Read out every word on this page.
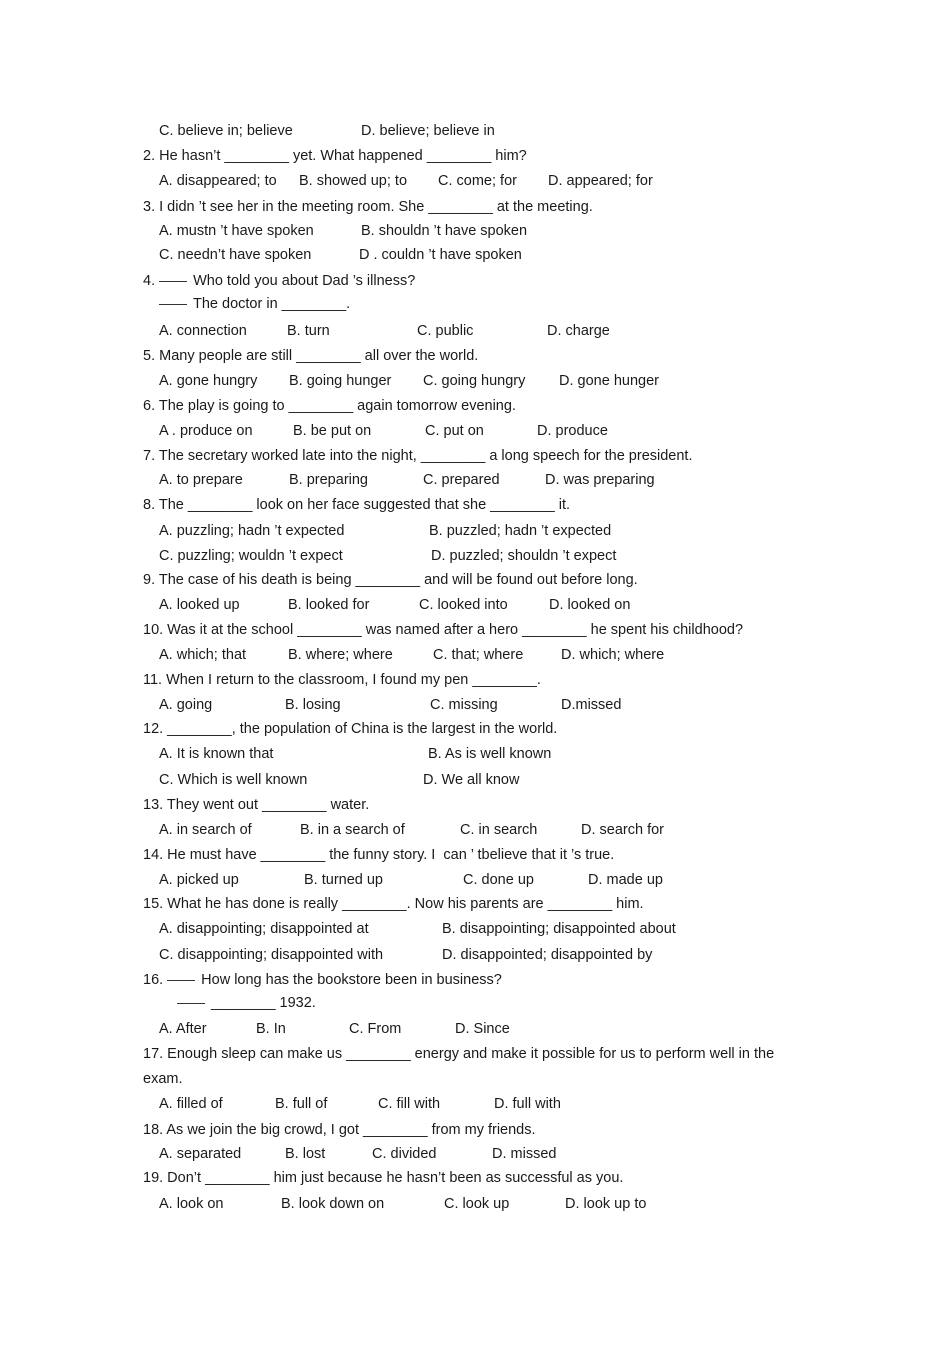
C. believe in; believe	D. believe; believe in
2. He hasn’t ________ yet. What happened ________ him?
A. disappeared; to B. showed up; to C. come; for D. appeared; for
3. I didn ’t see her in the meeting room. She ________ at the meeting.
A. mustn ’t have spoken	B. shouldn ’t have spoken
C. needn’t have spoken	D . couldn ’t have spoken
4.	Who told you about Dad ’s illness?
The doctor in ________.
A. connection	B. turn	C. public	D. charge
5. Many people are still ________ all over the world.
A. gone hungry B. going hunger C. going hungry D. gone hunger
6. The play is going to ________ again tomorrow evening.
A . produce on	B. be put on	C. put on	D. produce
7. The secretary worked late into the night, ________ a long speech for the president.
A. to prepare	B. preparing	C. prepared	D. was preparing
8. The ________ look on her face suggested that she ________ it.
A. puzzling; hadn ’t expected	B. puzzled; hadn ’t expected
C. puzzling; wouldn ’t expect	D. puzzled; shouldn ’t expect
9. The case of his death is being ________ and will be found out before long.
A. looked up	B. looked for	C. looked into	D. looked on
10. Was it at the school ________ was named after a hero ________ he spent his childhood?
A. which; that	B. where; where	C. that; where	D. which; where
11. When I return to the classroom, I found my pen ________.
A. going	B. losing	C. missing	D.missed
12. ________, the population of China is the largest in the world.
A. It is known that	B. As is well known
C. Which is well known	D. We all know
13. They went out ________ water.
A. in search of	B. in a search of	C. in search	D. search for
14. He must have ________ the funny story. I  can ’ tbelieve that it ’s true.
A. picked up	B. turned up	C. done up	D. made up
15. What he has done is really ________. Now his parents are ________ him.
A. disappointing; disappointed at	B. disappointing; disappointed about
C. disappointing; disappointed with	D. disappointed; disappointed by
16.	How long has the bookstore been in business?
________ 1932.
A. After	B. In	C. From	D. Since
17. Enough sleep can make us ________ energy and make it possible for us to perform well in the
exam.
A. filled of	B. full of	C. fill with	D. full with
18. As we join the big crowd, I got ________ from my friends.
A. separated	B. lost	C. divided	D. missed
19. Don’t ________ him just because he hasn’t been as successful as you.
A. look on	B. look down on	C. look up	D. look up to
